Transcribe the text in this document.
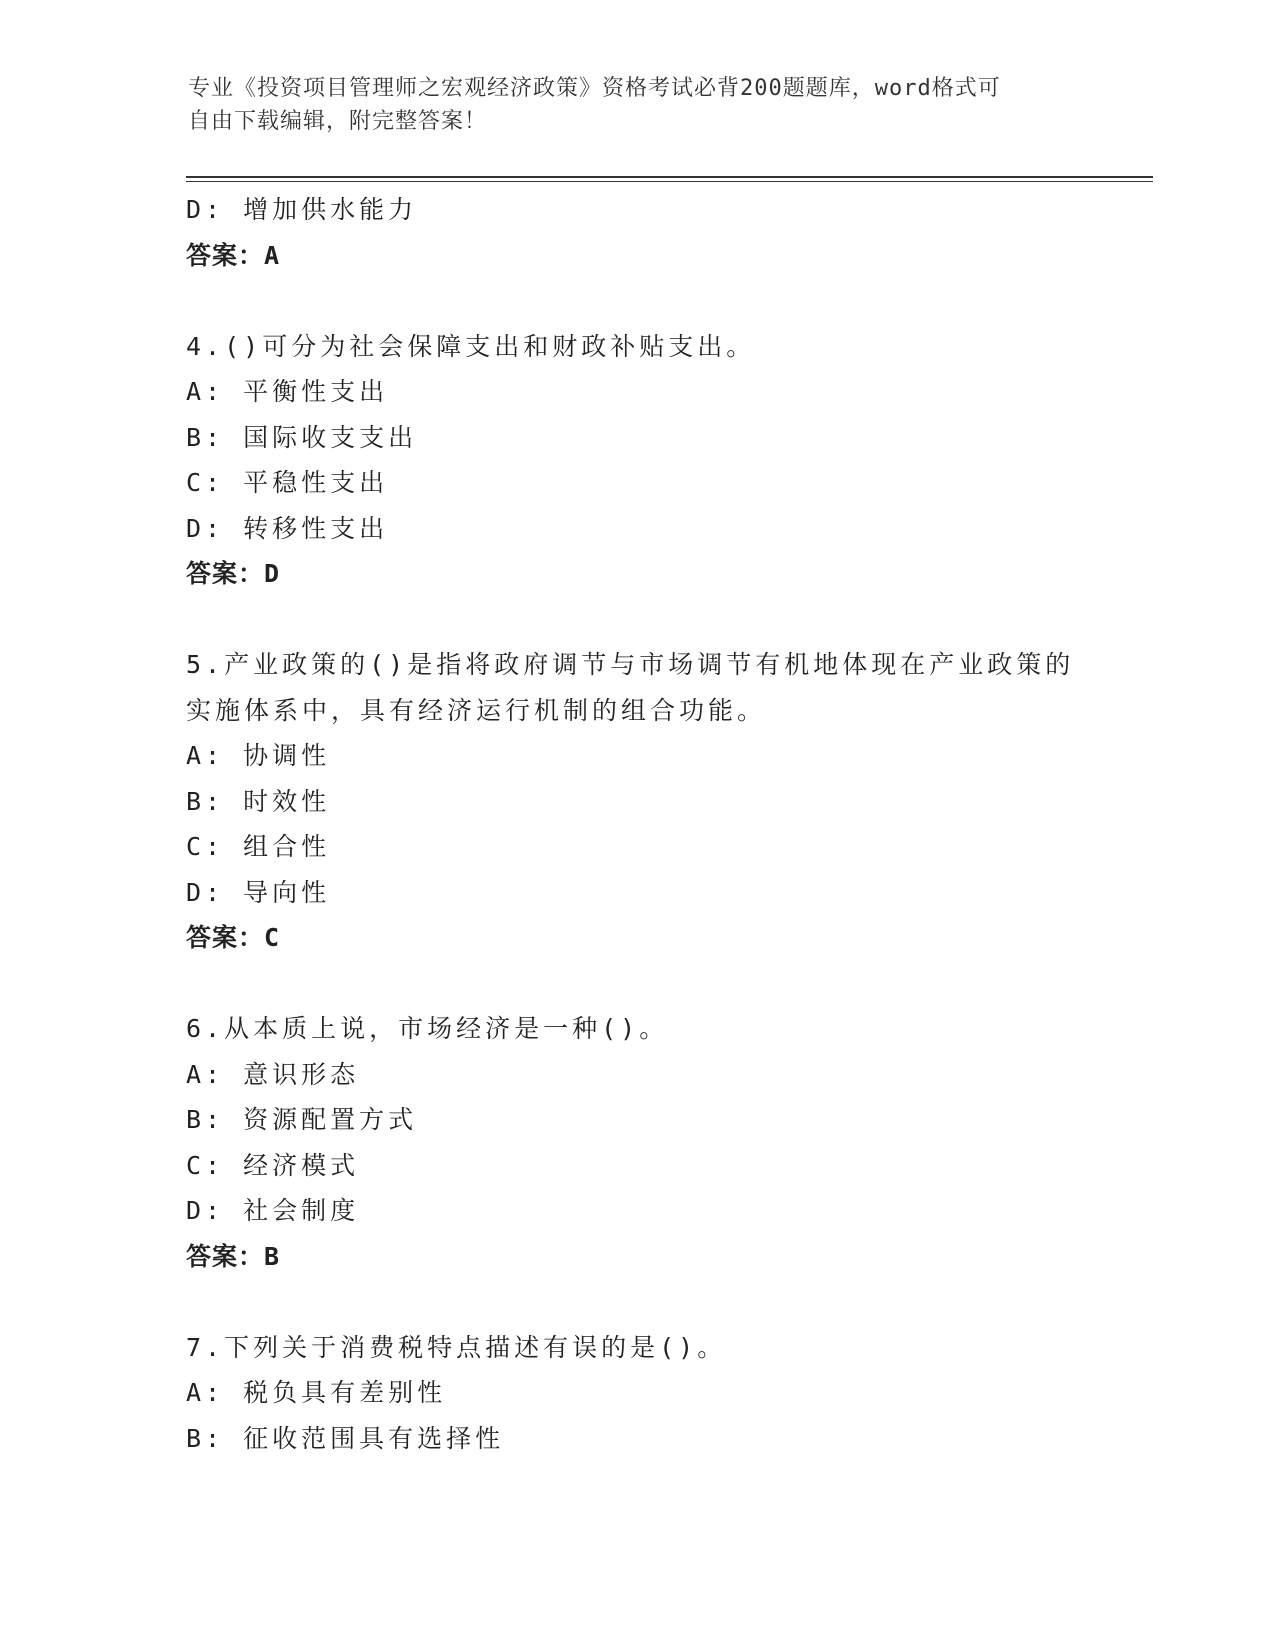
专业《投资项目管理师之宏观经济政策》资格考试必背200题题库，word格式可
自由下载编辑，附完整答案！
D: 增加供水能力
答案：A
4.()可分为社会保障支出和财政补贴支出。
A: 平衡性支出
B: 国际收支支出
C: 平稳性支出
D: 转移性支出
答案：D
5.产业政策的()是指将政府调节与市场调节有机地体现在产业政策的
实施体系中，具有经济运行机制的组合功能。
A: 协调性
B: 时效性
C: 组合性
D: 导向性
答案：C
6.从本质上说，市场经济是一种()。
A: 意识形态
B: 资源配置方式
C: 经济模式
D: 社会制度
答案：B
7.下列关于消费税特点描述有误的是()。
A: 税负具有差别性
B: 征收范围具有选择性
